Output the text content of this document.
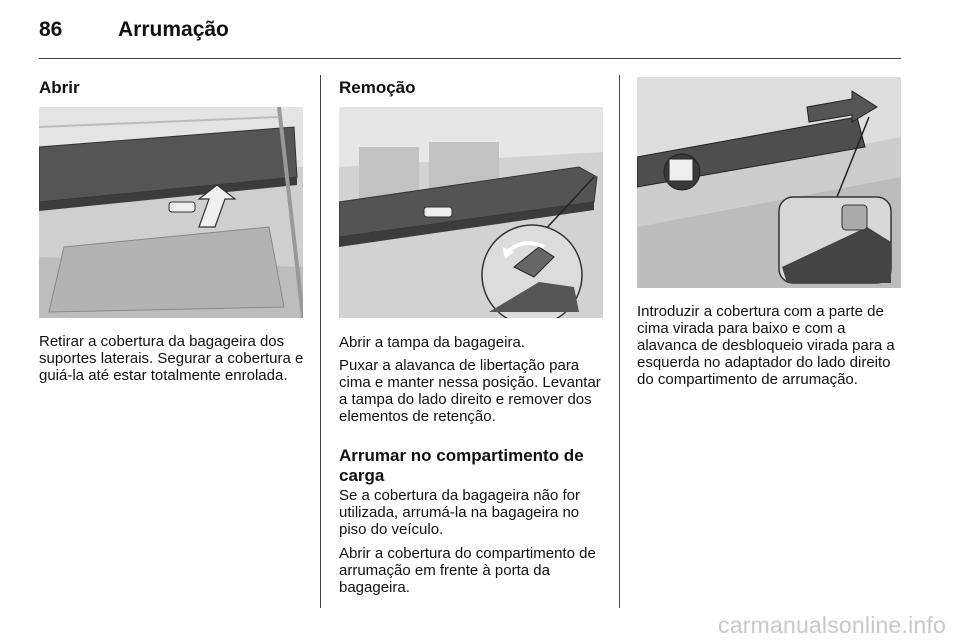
86	Arrumação
Abrir

Retirar a cobertura da bagageira dos suportes laterais. Segurar a cobertura e guiá-la até estar totalmente enrolada.

Remoção

Abrir a tampa da bagageira.

Puxar a alavanca de libertação para cima e manter nessa posição. Levantar a tampa do lado direito e remover dos elementos de retenção.

Arrumar no compartimento de carga

Se a cobertura da bagageira não for utilizada, arrumá-la na bagageira no piso do veículo.

Abrir a cobertura do compartimento de arrumação em frente à porta da bagageira.

Introduzir a cobertura com a parte de cima virada para baixo e com a alavanca de desbloqueio virada para a esquerda no adaptador do lado direito do compartimento de arrumação.

carmanualsonline.info
